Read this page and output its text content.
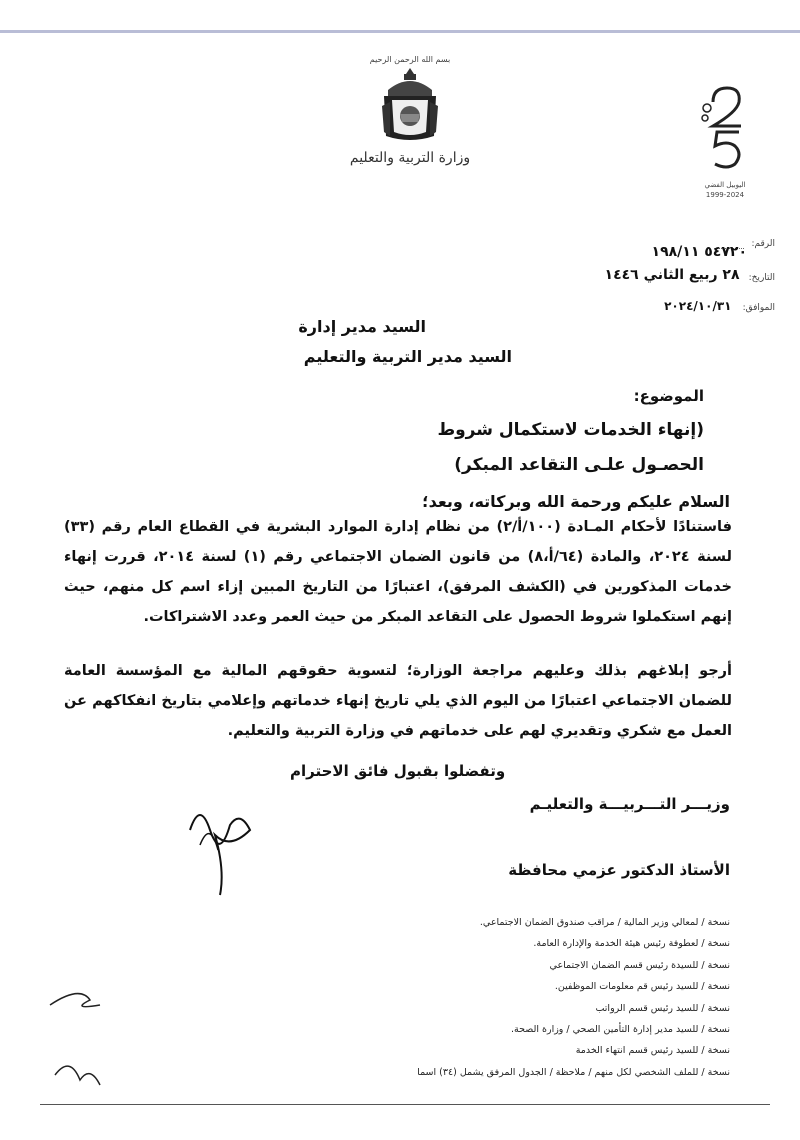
بسم الله الرحمن الرحيم
وزارة التربية والتعليم
اليوبيل الفضي
1999-2024
الرقم:
٥٤٧٢٠ ١٩٨/١١
التاريخ: ٢٨ ربيع الثاني ١٤٤٦
الموافق: ٢٠٢٤/١٠/٣١
السيد مدير إدارة
السيد مدير التربية والتعليم
الموضوع:
(إنهاء الخدمات لاستكمال شروط
الحصـول علـى التقاعد المبكر)
السلام عليكم ورحمة الله وبركاته، وبعد؛
فاستنادًا لأحكام المـادة (١٠٠/أ/٢) من نظام إدارة الموارد البشرية في القطاع العام رقم (٣٣) لسنة ٢٠٢٤، والمادة (٦٤/أ،٨) من قانون الضمان الاجتماعي رقم (١) لسنة ٢٠١٤، قررت إنهاء خدمات المذكورين في (الكشف المرفق)، اعتبارًا من التاريخ المبين إزاء اسم كل منهم، حيث إنهم استكملوا شروط الحصول على التقاعد المبكر من حيث العمر وعدد الاشتراكات.
أرجو إبلاغهم بذلك وعليهم مراجعة الوزارة؛ لتسوية حقوقهم المالية مع المؤسسة العامة للضمان الاجتماعي اعتبارًا من اليوم الذي يلي تاريخ إنهاء خدماتهم وإعلامي بتاريخ انفكاكهم عن العمل مع شكري وتقديري لهم على خدماتهم في وزارة التربية والتعليم.
وتفضلوا بقبول فائق الاحترام
وزيـــر التـــربيـــة والتعليـم
الأستاذ الدكتور عزمي محافظة
نسخة / لمعالي وزير المالية / مراقب صندوق الضمان الاجتماعي.
نسخة / لعطوفة رئيس هيئة الخدمة والإدارة العامة.
نسخة / للسيدة رئيس قسم الضمان الاجتماعي
نسخة / للسيد رئيس قم معلومات الموظفين.
نسخة / للسيد رئيس قسم الرواتب
نسخة / للسيد مدير إدارة التأمين الصحي / وزارة الصحة.
نسخة / للسيد رئيس قسم انتهاء الخدمة
نسخة / للملف الشخصي لكل منهم / ملاحظة / الجدول المرفق يشمل (٣٤) اسما
